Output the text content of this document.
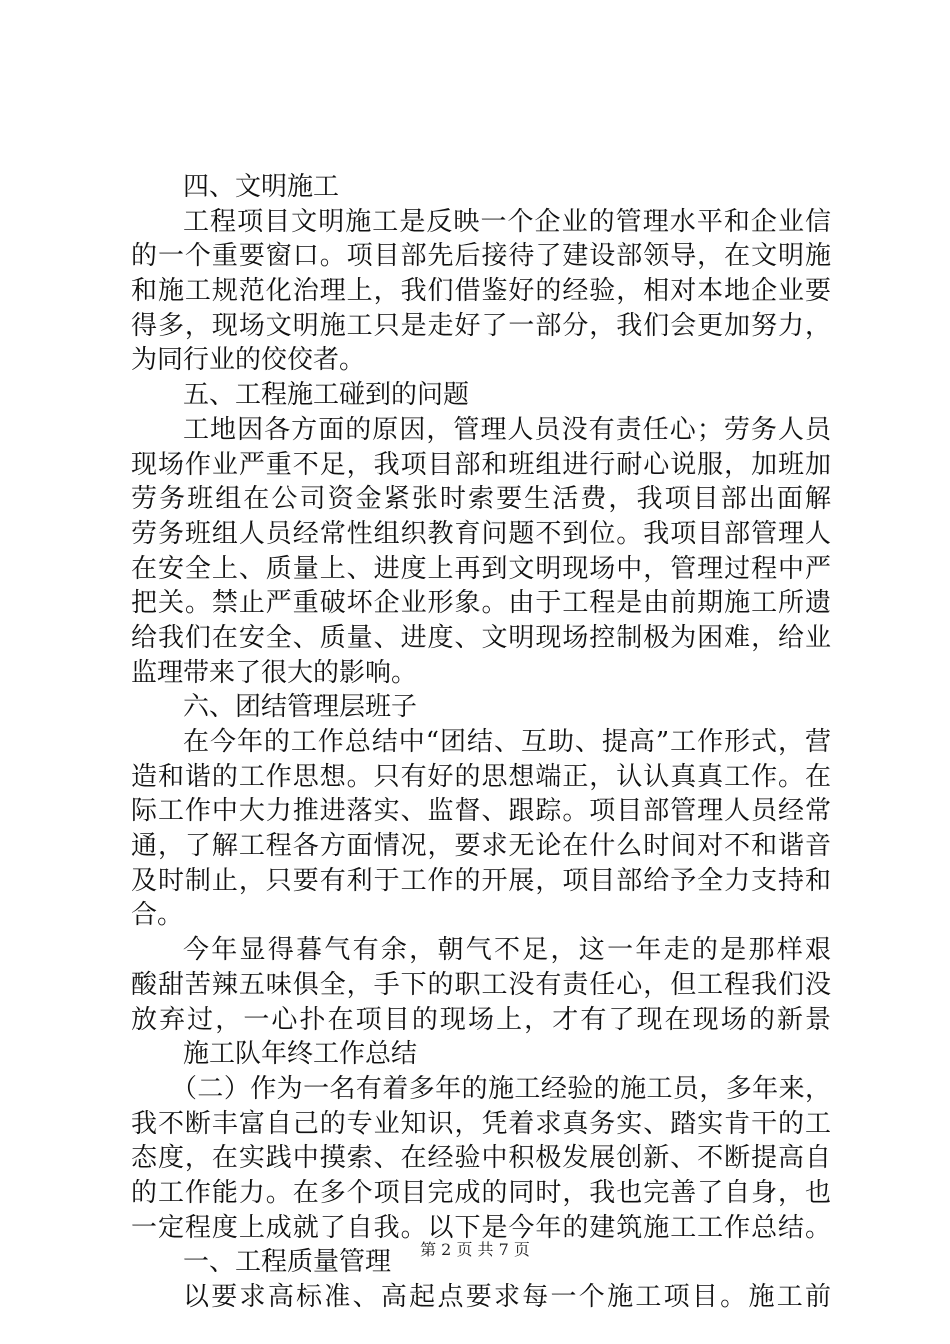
四、文明施工
工程项目文明施工是反映一个企业的管理水平和企业信
的一个重要窗口。项目部先后接待了建设部领导，在文明施
和施工规范化治理上，我们借鉴好的经验，相对本地企业要
得多，现场文明施工只是走好了一部分，我们会更加努力，
为同行业的佼佼者。
五、工程施工碰到的问题
工地因各方面的原因，管理人员没有责任心；劳务人员
现场作业严重不足，我项目部和班组进行耐心说服，加班加
劳务班组在公司资金紧张时索要生活费，我项目部出面解
劳务班组人员经常性组织教育问题不到位。我项目部管理人
在安全上、质量上、进度上再到文明现场中，管理过程中严
把关。禁止严重破坏企业形象。由于工程是由前期施工所遗
给我们在安全、质量、进度、文明现场控制极为困难，给业
监理带来了很大的影响。
六、团结管理层班子
在今年的工作总结中“团结、互助、提高”工作形式，营
造和谐的工作思想。只有好的思想端正，认认真真工作。在
际工作中大力推进落实、监督、跟踪。项目部管理人员经常
通，了解工程各方面情况，要求无论在什么时间对不和谐音
及时制止，只要有利于工作的开展，项目部给予全力支持和
合。
今年显得暮气有余，朝气不足，这一年走的是那样艰
酸甜苦辣五味俱全，手下的职工没有责任心，但工程我们没
放弃过，一心扑在项目的现场上，才有了现在现场的新景
施工队年终工作总结
（二）作为一名有着多年的施工经验的施工员，多年来，
我不断丰富自己的专业知识，凭着求真务实、踏实肯干的工
态度，在实践中摸索、在经验中积极发展创新、不断提高自
的工作能力。在多个项目完成的同时，我也完善了自身，也
一定程度上成就了自我。以下是今年的建筑施工工作总结。
一、工程质量管理
以要求高标准、高起点要求每一个施工项目。施工前
第 2 页 共 7 页
